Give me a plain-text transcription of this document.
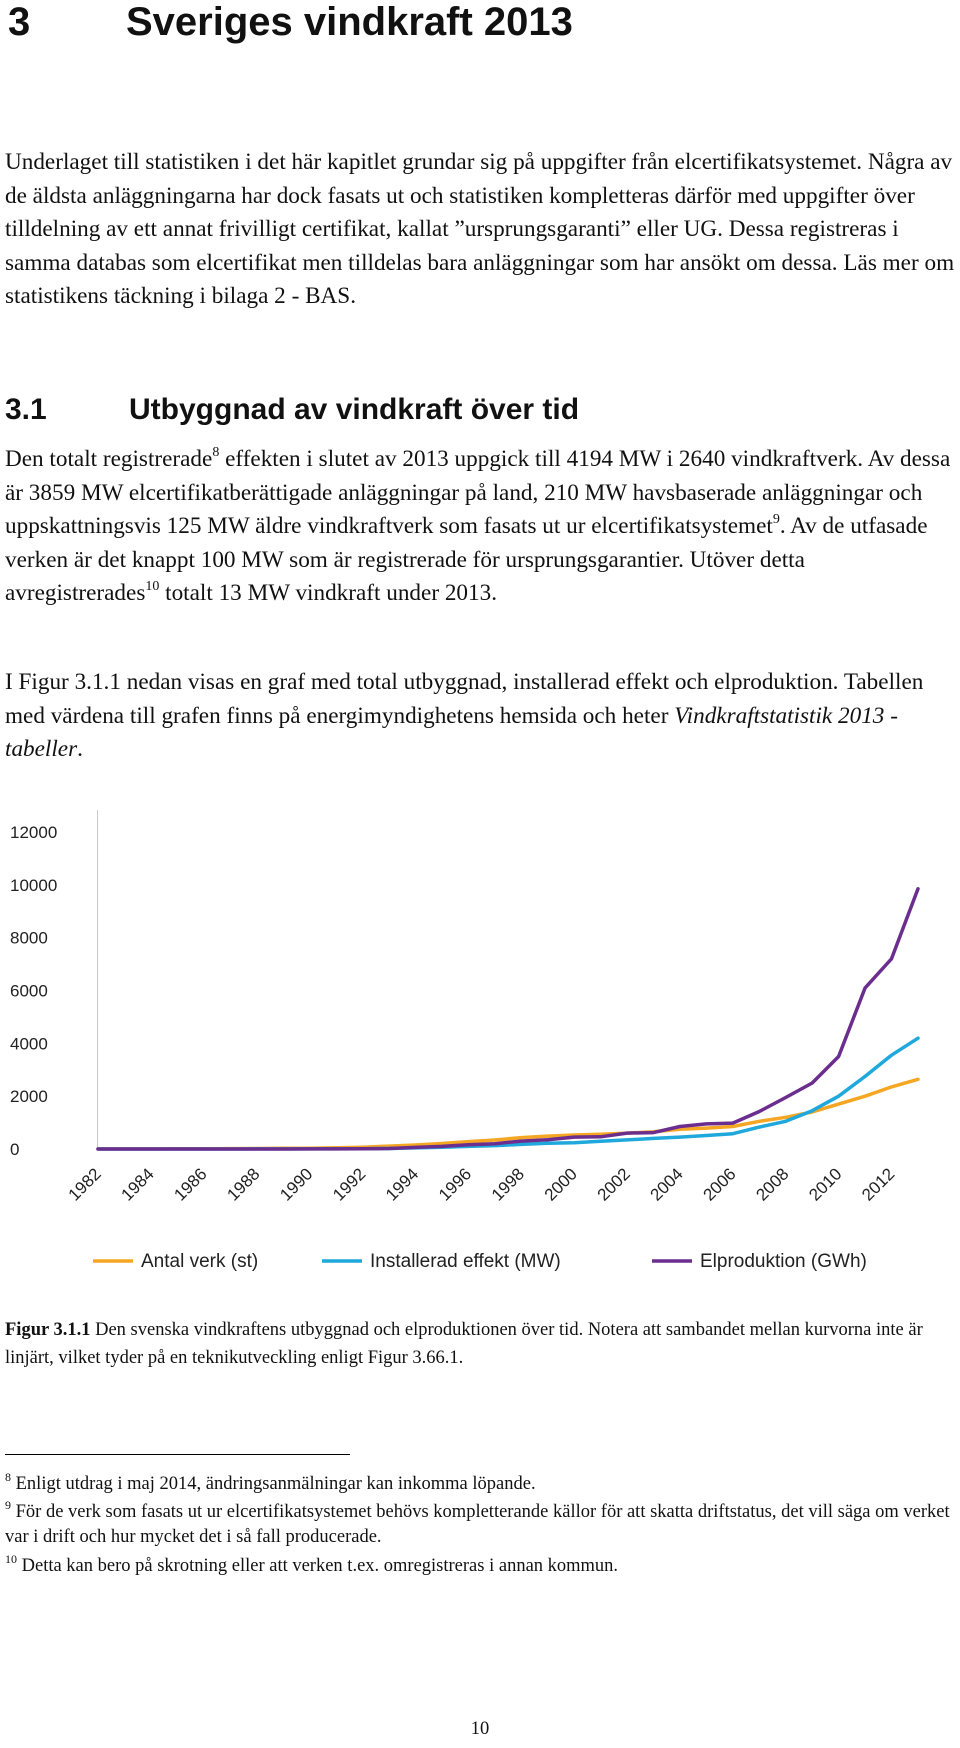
3 Sveriges vindkraft 2013

Underlaget till statistiken i det här kapitlet grundar sig på uppgifter från elcertifikatsystemet. Några av de äldsta anläggningarna har dock fasats ut och statistiken kompletteras därför med uppgifter över tilldelning av ett annat frivilligt certifikat, kallat ”ursprungsgaranti” eller UG. Dessa registreras i samma databas som elcertifikat men tilldelas bara anläggningar som har ansökt om dessa. Läs mer om statistikens täckning i bilaga 2 - BAS.

3.1	Utbyggnad av vindkraft över tid

Den totalt registrerade$^8$ effekten i slutet av 2013 uppgick till 4194 MW i 2640 vindkraftverk. Av dessa är 3859 MW elcertifikatberättigade anläggningar på land, 210 MW havsbaserade anläggningar och uppskattningsvis 125 MW äldre vindkraftverk som fasats ut ur elcertifikatsystemet$^9$. Av de utfasade verken är det knappt 100 MW som är registrerade för ursprungsgarantier. Utöver detta avregistrerades$^{10}$ totalt 13 MW vindkraft under 2013.

I Figur 3.1.1 nedan visas en graf med total utbyggnad, installerad effekt och elproduktion. Tabellen med värdena till grafen finns på energimyndighetens hemsida och heter Vindkraftstatistik 2013 - tabeller.

0
2000
4000
6000
8000
10000
12000
1982 1984 1986 1988 1990 1992 1994 1996 1998 2000 2002 2004 2006 2008 2010 2012
Antal verk (st)	Installerad effekt (MW)	Elproduktion (GWh)

Figur 3.1.1 Den svenska vindkraftens utbyggnad och elproduktionen över tid. Notera att sambandet mellan kurvorna inte är linjärt, vilket tyder på en teknikutveckling enligt Figur 3.66.1.

$^8$ Enligt utdrag i maj 2014, ändringsanmälningar kan inkomma löpande.

$^9$ För de verk som fasats ut ur elcertifikatsystemet behövs kompletterande källor för att skatta driftstatus, det vill säga om verket var i drift och hur mycket det i så fall producerade.

$^{10}$ Detta kan bero på skrotning eller att verken t.ex. omregistreras i annan kommun.

10
